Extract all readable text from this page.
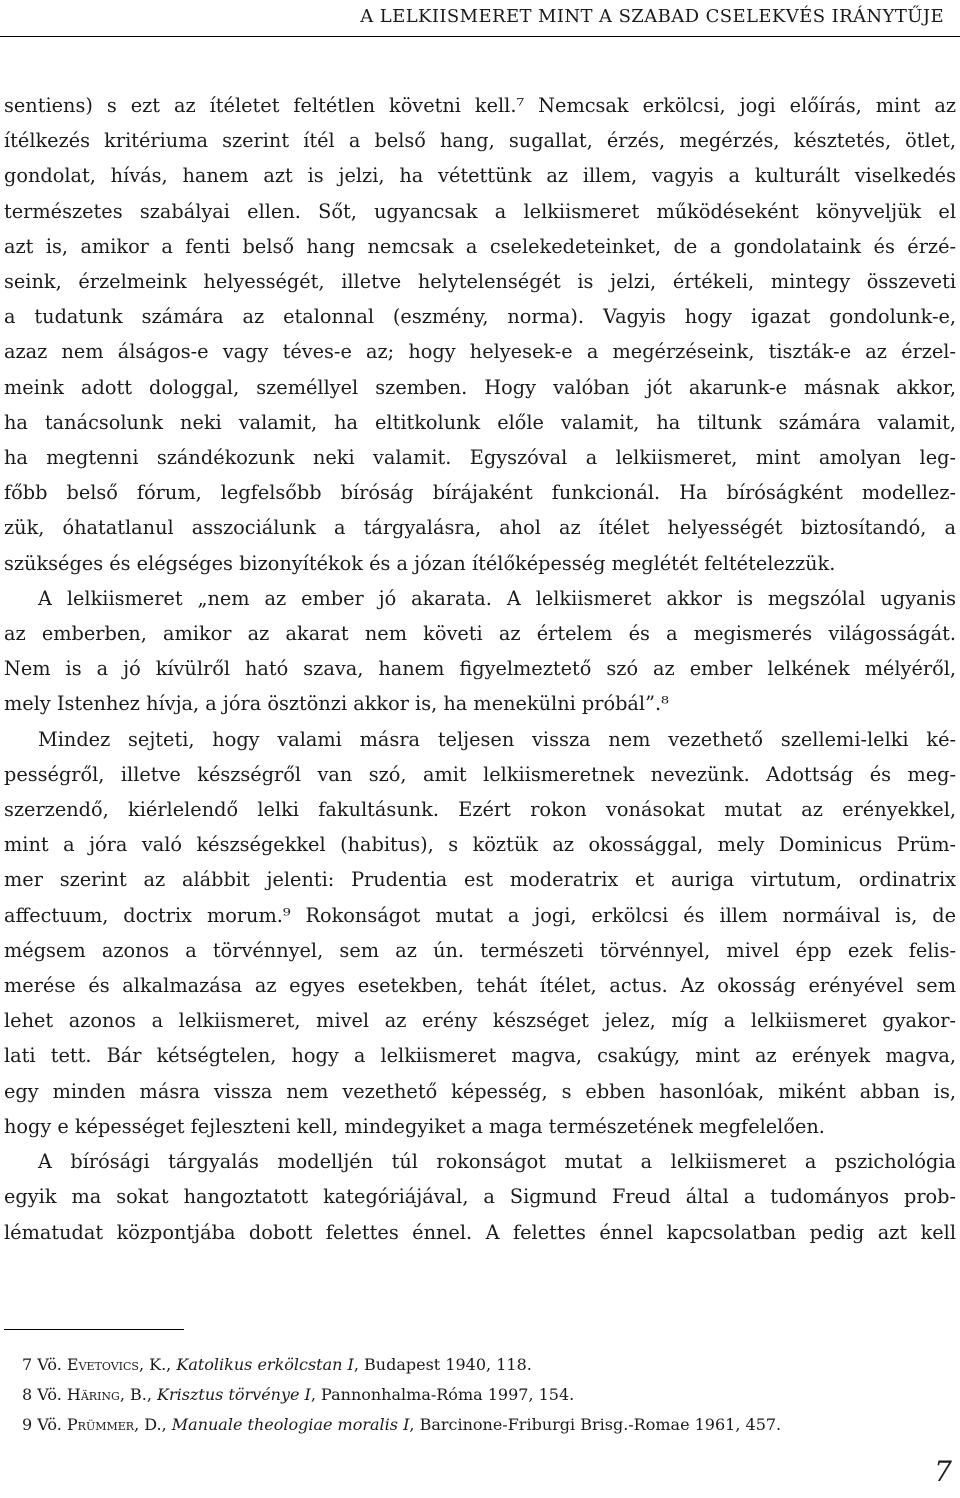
A LELKIISMERET MINT A SZABAD CSELEKVÉS IRÁNYTŰJE
sentiens) s ezt az ítéletet feltétlen követni kell.⁷ Nemcsak erkölcsi, jogi előírás, mint az
ítélkezés kritériuma szerint ítél a belső hang, sugallat, érzés, megérzés, késztetés, ötlet,
gondolat, hívás, hanem azt is jelzi, ha vétettünk az illem, vagyis a kulturált viselkedés
természetes szabályai ellen. Sőt, ugyancsak a lelkiismeret működéseként könyveljük el
azt is, amikor a fenti belső hang nemcsak a cselekedeteinket, de a gondolataink és érzé-
seink, érzelmeink helyességét, illetve helytelenségét is jelzi, értékeli, mintegy összeveti
a tudatunk számára az etalonnal (eszmény, norma). Vagyis hogy igazat gondolunk-e,
azaz nem álságos-e vagy téves-e az; hogy helyesek-e a megérzéseink, tiszták-e az érzel-
meink adott dologgal, személlyel szemben. Hogy valóban jót akarunk-e másnak akkor,
ha tanácsolunk neki valamit, ha eltitkolunk előle valamit, ha tiltunk számára valamit,
ha megtenni szándékozunk neki valamit. Egyszóval a lelkiismeret, mint amolyan leg-
főbb belső fórum, legfelsőbb bíróság bírájaként funkcionál. Ha bíróságként modellez-
zük, óhatatlanul asszociálunk a tárgyalásra, ahol az ítélet helyességét biztosítandó, a
szükséges és elégséges bizonyítékok és a józan ítélőképesség meglétét feltételezzük.
A lelkiismeret „nem az ember jó akarata. A lelkiismeret akkor is megszólal ugyanis
az emberben, amikor az akarat nem követi az értelem és a megismerés világosságát.
Nem is a jó kívülről ható szava, hanem figyelmeztető szó az ember lelkének mélyéről,
mely Istenhez hívja, a jóra ösztönzi akkor is, ha menekülni próbál”.⁸
Mindez sejteti, hogy valami másra teljesen vissza nem vezethető szellemi-lelki ké-
pességről, illetve készségről van szó, amit lelkiismeretnek nevezünk. Adottság és meg-
szerzendő, kiérlelendő lelki fakultásunk. Ezért rokon vonásokat mutat az erényekkel,
mint a jóra való készségekkel (habitus), s köztük az okossággal, mely Dominicus Prüm-
mer szerint az alábbit jelenti: Prudentia est moderatrix et auriga virtutum, ordinatrix
affectuum, doctrix morum.⁹ Rokonságot mutat a jogi, erkölcsi és illem normáival is, de
mégsem azonos a törvénnyel, sem az ún. természeti törvénnyel, mivel épp ezek felis-
merése és alkalmazása az egyes esetekben, tehát ítélet, actus. Az okosság erényével sem
lehet azonos a lelkiismeret, mivel az erény készséget jelez, míg a lelkiismeret gyakor-
lati tett. Bár kétségtelen, hogy a lelkiismeret magva, csakúgy, mint az erények magva,
egy minden másra vissza nem vezethető képesség, s ebben hasonlóak, miként abban is,
hogy e képességet fejleszteni kell, mindegyiket a maga természetének megfelelően.
A bírósági tárgyalás modelljén túl rokonságot mutat a lelkiismeret a pszichológia
egyik ma sokat hangoztatott kategóriájával, a Sigmund Freud által a tudományos prob-
lématudat központjába dobott felettes énnel. A felettes énnel kapcsolatban pedig azt kell
7 Vö. Evetovics, K., Katolikus erkölcstan I, Budapest 1940, 118.
8 Vö. Häring, B., Krisztus törvénye I, Pannonhalma-Róma 1997, 154.
9 Vö. Prümmer, D., Manuale theologiae moralis I, Barcinone-Friburgi Brisg.-Romae 1961, 457.
7
